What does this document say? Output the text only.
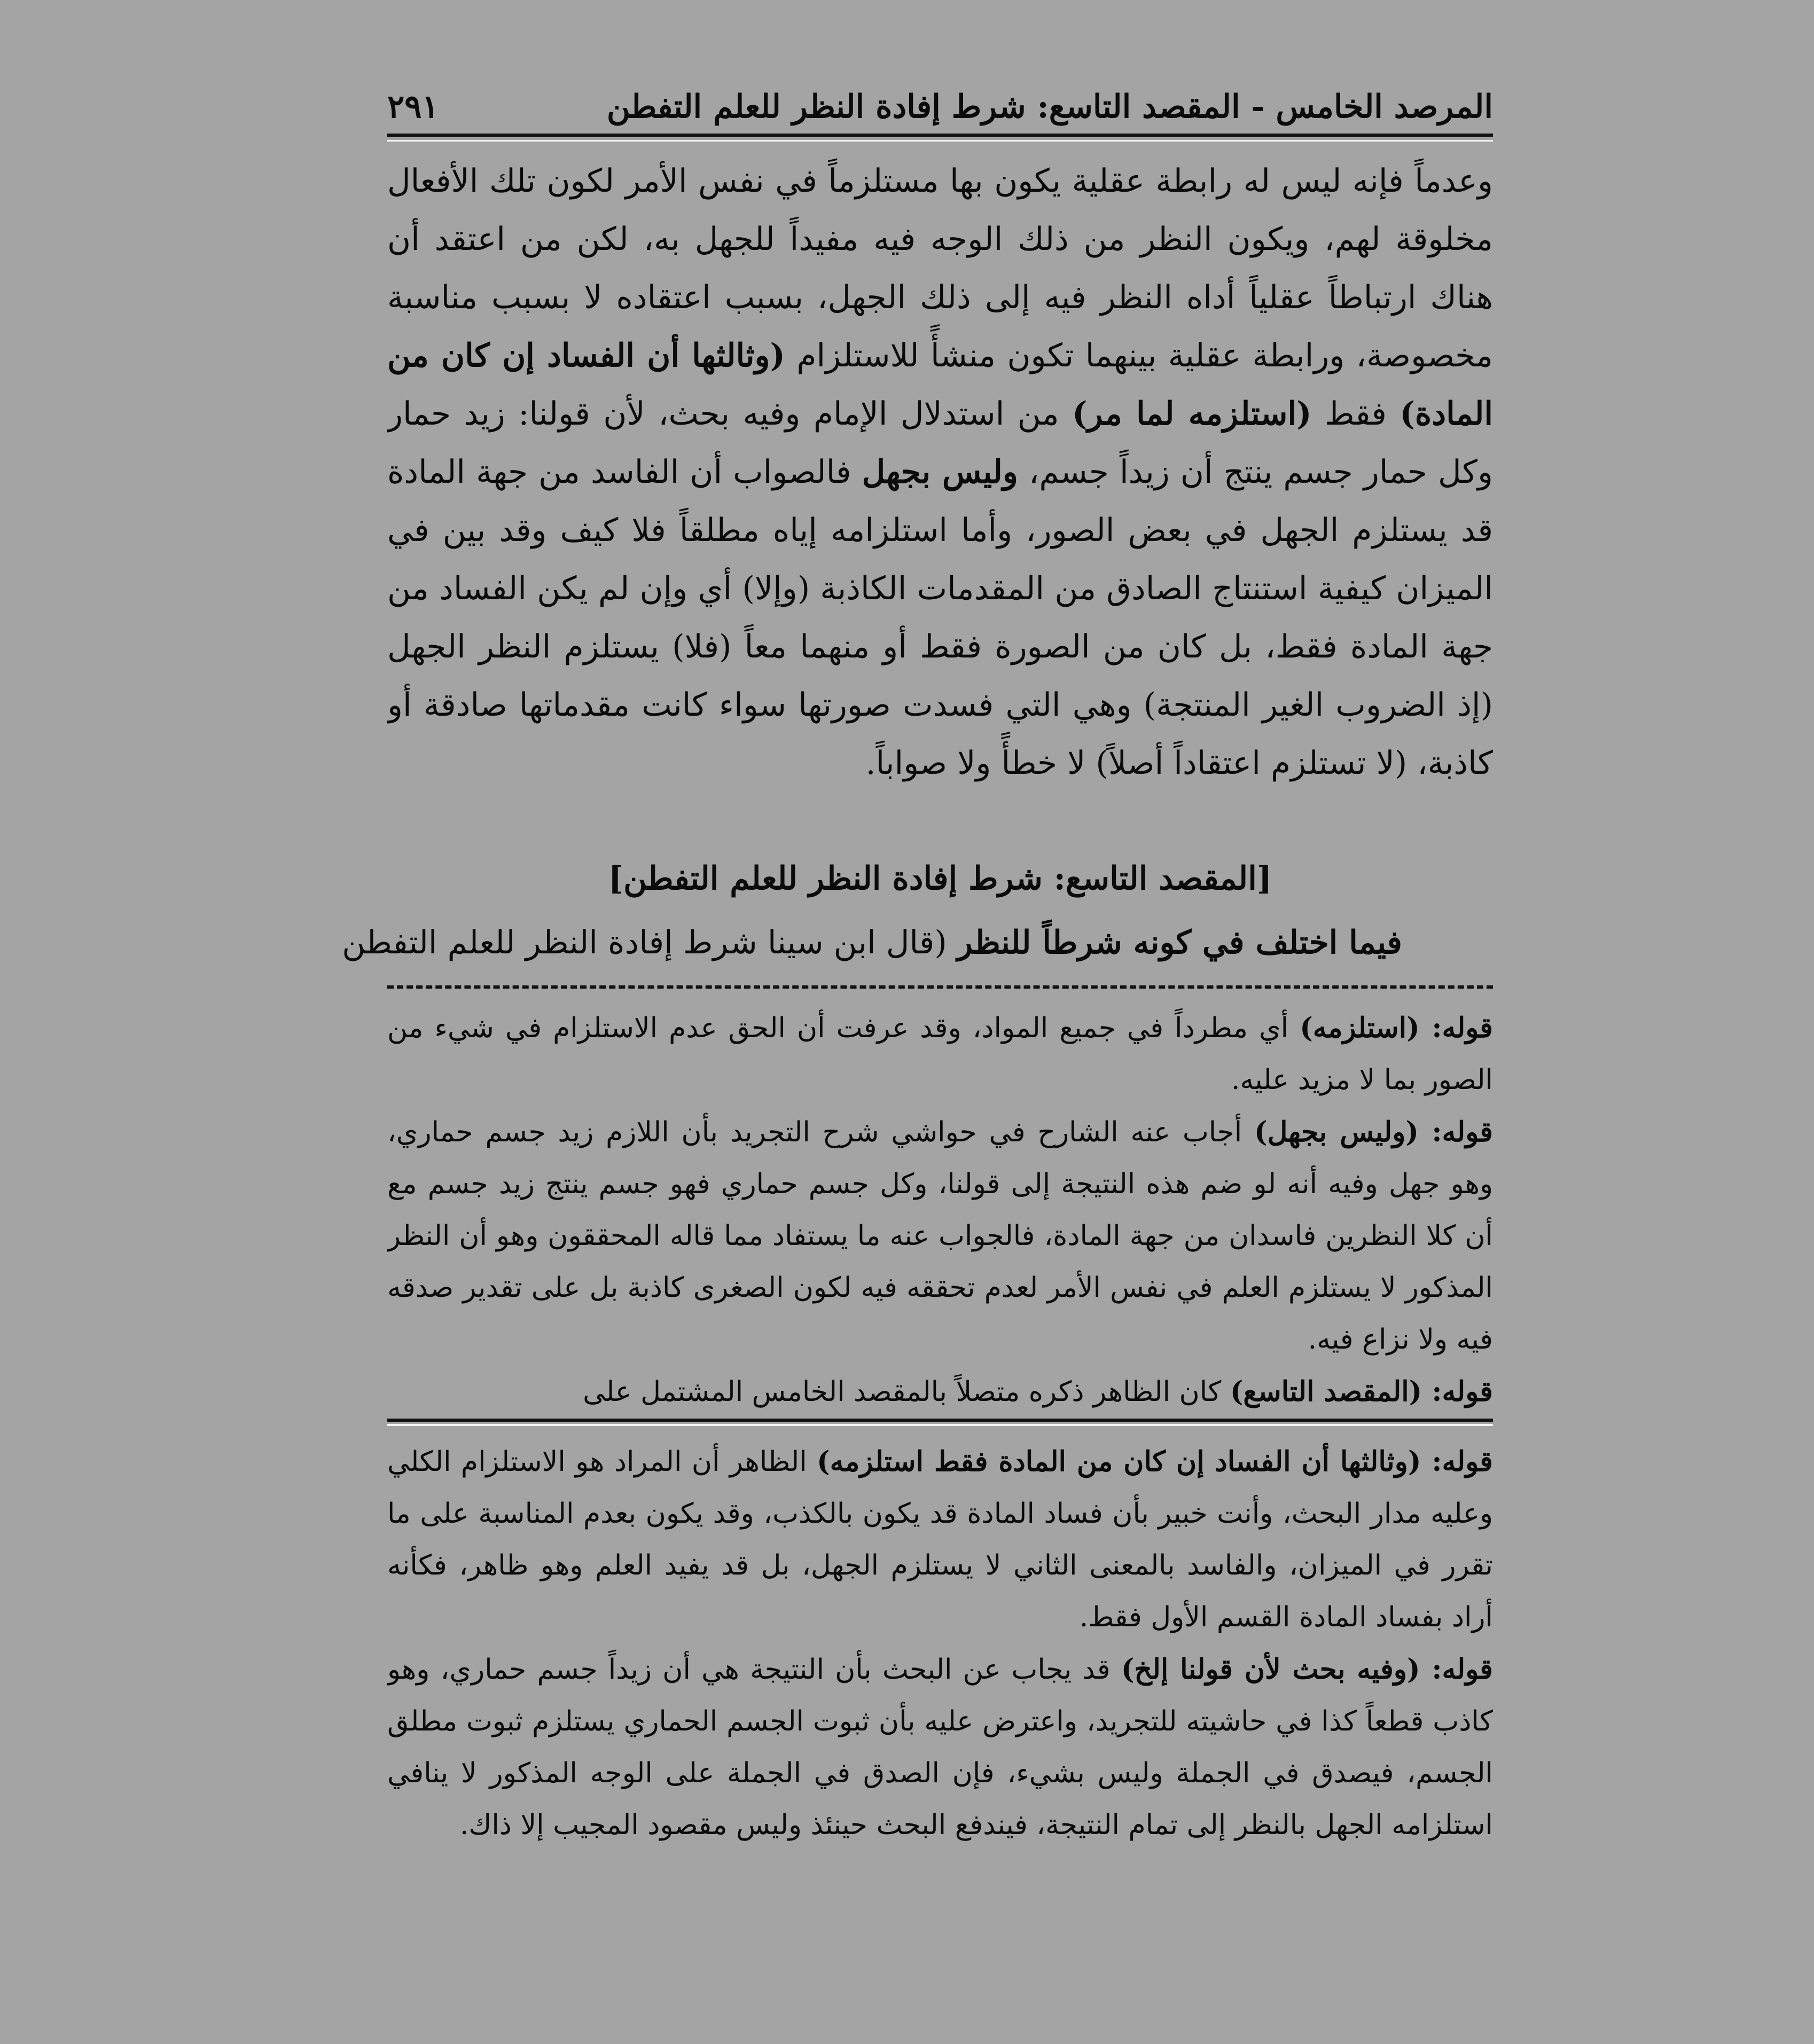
المرصد الخامس - المقصد التاسع: شرط إفادة النظر للعلم التفطن
٢٩١

وعدماً فإنه ليس له رابطة عقلية يكون بها مستلزماً في نفس الأمر لكون تلك الأفعال مخلوقة لهم، ويكون النظر من ذلك الوجه فيه مفيداً للجهل به، لكن من اعتقد أن هناك ارتباطاً عقلياً أداه النظر فيه إلى ذلك الجهل، بسبب اعتقاده لا بسبب مناسبة مخصوصة، ورابطة عقلية بينهما تكون منشأً للاستلزام (وثالثها أن الفساد إن كان من المادة) فقط (استلزمه لما مر) من استدلال الإمام وفيه بحث، لأن قولنا: زيد حمار وكل حمار جسم ينتج أن زيداً جسم، وليس بجهل فالصواب أن الفاسد من جهة المادة قد يستلزم الجهل في بعض الصور، وأما استلزامه إياه مطلقاً فلا كيف وقد بين في الميزان كيفية استنتاج الصادق من المقدمات الكاذبة (وإلا) أي وإن لم يكن الفساد من جهة المادة فقط، بل كان من الصورة فقط أو منهما معاً (فلا) يستلزم النظر الجهل (إذ الضروب الغير المنتجة) وهي التي فسدت صورتها سواء كانت مقدماتها صادقة أو كاذبة، (لا تستلزم اعتقاداً أصلاً) لا خطأً ولا صواباً.

[المقصد التاسع: شرط إفادة النظر للعلم التفطن]
فيما اختلف في كونه شرطاً للنظر (قال ابن سينا شرط إفادة النظر للعلم التفطن

قوله: (استلزمه) أي مطرداً في جميع المواد، وقد عرفت أن الحق عدم الاستلزام في شيء من الصور بما لا مزيد عليه.

قوله: (وليس بجهل) أجاب عنه الشارح في حواشي شرح التجريد بأن اللازم زيد جسم حماري، وهو جهل وفيه أنه لو ضم هذه النتيجة إلى قولنا، وكل جسم حماري فهو جسم ينتج زيد جسم مع أن كلا النظرين فاسدان من جهة المادة، فالجواب عنه ما يستفاد مما قاله المحققون وهو أن النظر المذكور لا يستلزم العلم في نفس الأمر لعدم تحققه فيه لكون الصغرى كاذبة بل على تقدير صدقه فيه ولا نزاع فيه.

قوله: (المقصد التاسع) كان الظاهر ذكره متصلاً بالمقصد الخامس المشتمل على

قوله: (وثالثها أن الفساد إن كان من المادة فقط استلزمه) الظاهر أن المراد هو الاستلزام الكلي وعليه مدار البحث، وأنت خبير بأن فساد المادة قد يكون بالكذب، وقد يكون بعدم المناسبة على ما تقرر في الميزان، والفاسد بالمعنى الثاني لا يستلزم الجهل، بل قد يفيد العلم وهو ظاهر، فكأنه أراد بفساد المادة القسم الأول فقط.

قوله: (وفيه بحث لأن قولنا إلخ) قد يجاب عن البحث بأن النتيجة هي أن زيداً جسم حماري، وهو كاذب قطعاً كذا في حاشيته للتجريد، واعترض عليه بأن ثبوت الجسم الحماري يستلزم ثبوت مطلق الجسم، فيصدق في الجملة وليس بشيء، فإن الصدق في الجملة على الوجه المذكور لا ينافي استلزامه الجهل بالنظر إلى تمام النتيجة، فيندفع البحث حينئذ وليس مقصود المجيب إلا ذاك.
